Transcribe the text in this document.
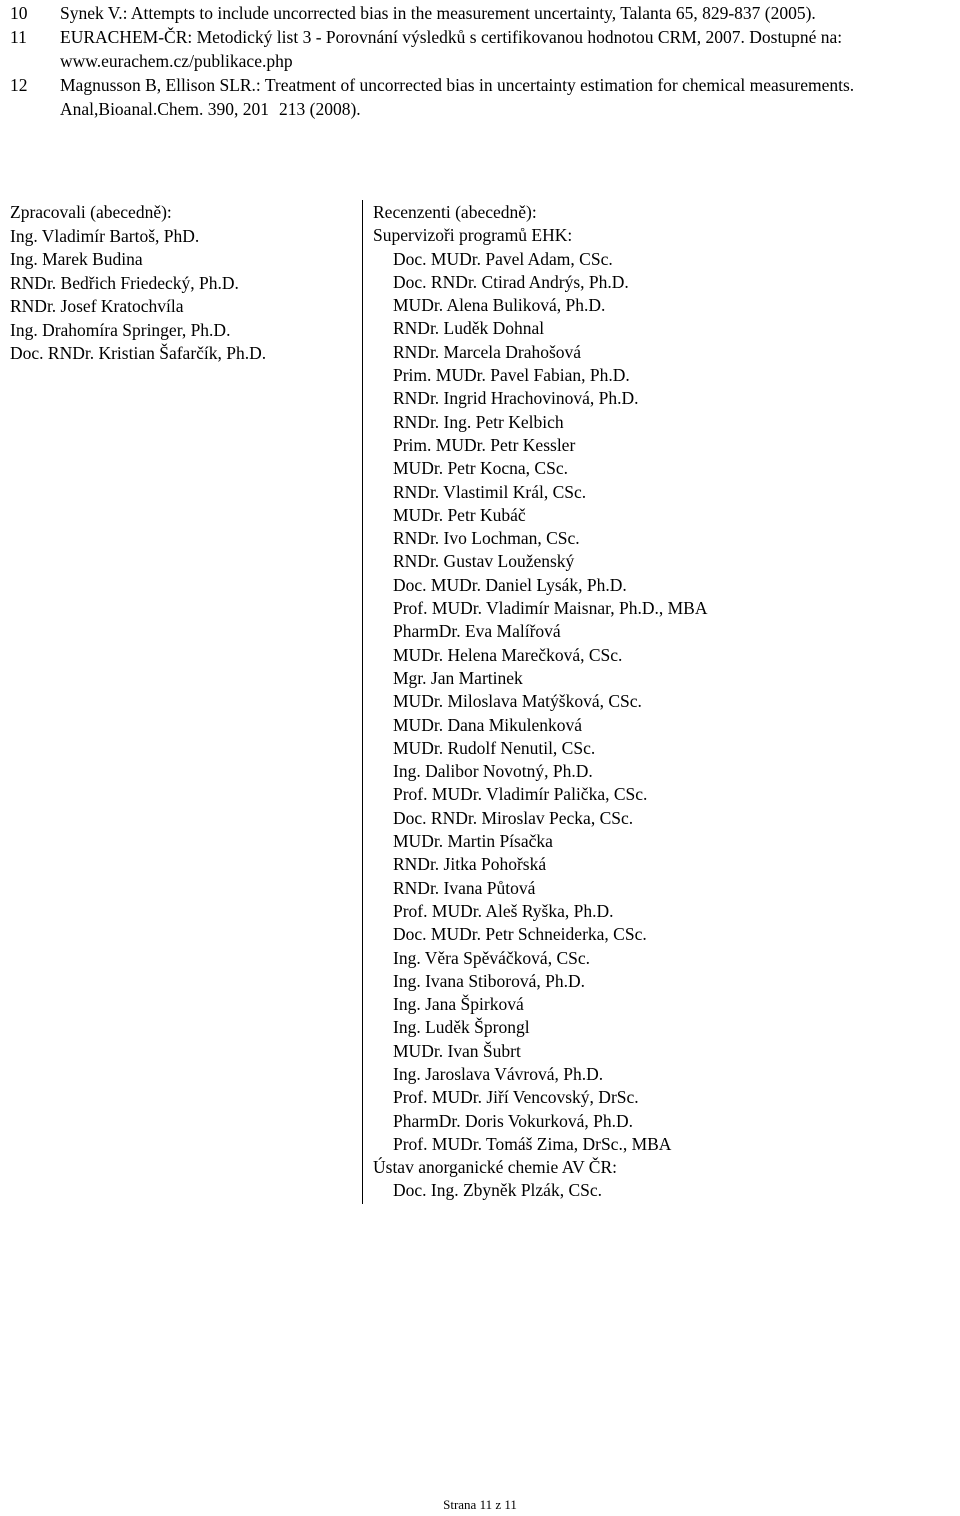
10	Synek V.: Attempts to include uncorrected bias in the measurement uncertainty, Talanta 65, 829-837 (2005).
11	EURACHEM-ČR: Metodický list 3 - Porovnání výsledků s certifikovanou hodnotou CRM, 2007. Dostupné na: www.eurachem.cz/publikace.php
12	Magnusson B, Ellison SLR.: Treatment of uncorrected bias in uncertainty estimation for chemical measurements. Anal,Bioanal.Chem. 390, 201 213 (2008).
Zpracovali (abecedně):
Ing. Vladimír Bartoš, PhD.
Ing. Marek Budina
RNDr. Bedřich Friedecký, Ph.D.
RNDr. Josef Kratochvíla
Ing. Drahomíra Springer, Ph.D.
Doc. RNDr. Kristian Šafarčík, Ph.D.
Recenzenti (abecedně):
Supervizoři programů EHK:
Doc. MUDr. Pavel Adam, CSc.
Doc. RNDr. Ctirad Andrýs, Ph.D.
MUDr. Alena Buliková, Ph.D.
RNDr. Luděk Dohnal
RNDr. Marcela Drahošová
Prim. MUDr. Pavel Fabian, Ph.D.
RNDr. Ingrid Hrachovinová, Ph.D.
RNDr. Ing. Petr Kelbich
Prim. MUDr. Petr Kessler
MUDr. Petr Kocna, CSc.
RNDr. Vlastimil Král, CSc.
MUDr. Petr Kubáč
RNDr. Ivo Lochman, CSc.
RNDr. Gustav Louženský
Doc. MUDr. Daniel Lysák, Ph.D.
Prof. MUDr. Vladimír Maisnar, Ph.D., MBA
PharmDr. Eva Malířová
MUDr. Helena Marečková, CSc.
Mgr. Jan Martinek
MUDr. Miloslava Matýšková, CSc.
MUDr. Dana Mikulenková
MUDr. Rudolf Nenutil, CSc.
Ing. Dalibor Novotný, Ph.D.
Prof. MUDr. Vladimír Palička, CSc.
Doc. RNDr. Miroslav Pecka, CSc.
MUDr. Martin Písačka
RNDr. Jitka Pohořská
RNDr. Ivana Půtová
Prof. MUDr. Aleš Ryška, Ph.D.
Doc. MUDr. Petr Schneiderka, CSc.
Ing. Věra Spěváčková, CSc.
Ing. Ivana Stiborová, Ph.D.
Ing. Jana Špirková
Ing. Luděk Šprongl
MUDr. Ivan Šubrt
Ing. Jaroslava Vávrová, Ph.D.
Prof. MUDr. Jiří Vencovský, DrSc.
PharmDr. Doris Vokurková, Ph.D.
Prof. MUDr. Tomáš Zima, DrSc., MBA
Ústav anorganické chemie AV ČR:
Doc. Ing. Zbyněk Plzák, CSc.
Strana 11 z 11
